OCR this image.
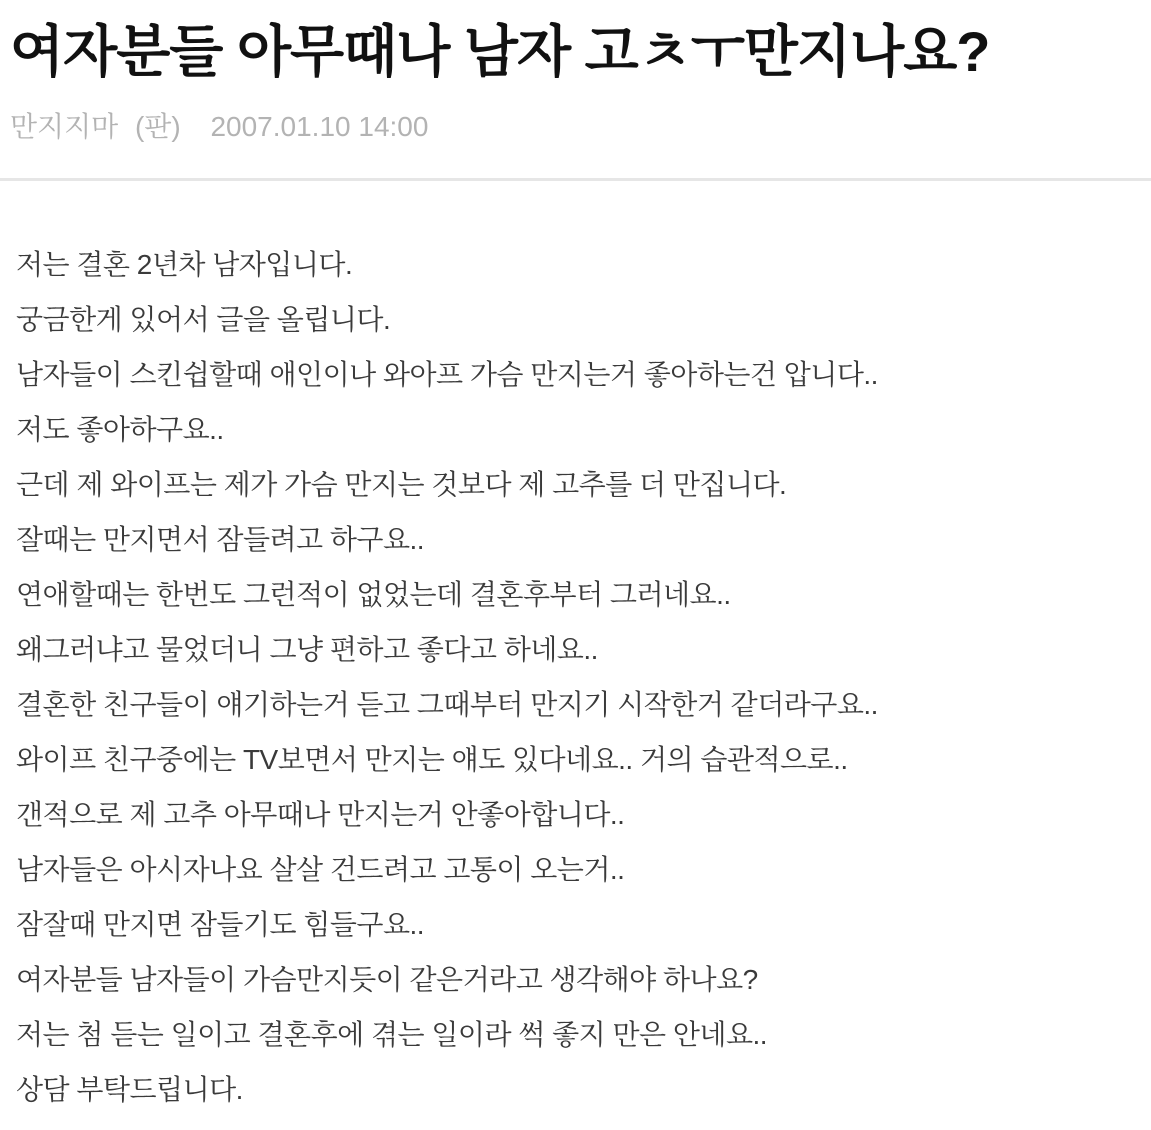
여자분들 아무때나 남자 고ㅊㅜ만지나요?
만지지마 (판) 2007.01.10 14:00

저는 결혼 2년차 남자입니다.

궁금한게 있어서 글을 올립니다.

남자들이 스킨쉽할때 애인이나 와아프 가슴 만지는거 좋아하는건 압니다..

저도 좋아하구요..

근데 제 와이프는 제가 가슴 만지는 것보다 제 고추를 더 만집니다.

잘때는 만지면서 잠들려고 하구요..

연애할때는 한번도 그런적이 없었는데 결혼후부터 그러네요..

왜그러냐고 물었더니 그냥 편하고 좋다고 하네요..

결혼한 친구들이 얘기하는거 듣고 그때부터 만지기 시작한거 같더라구요..

와이프 친구중에는 TV보면서 만지는 얘도 있다네요.. 거의 습관적으로..

갠적으로 제 고추 아무때나 만지는거 안좋아합니다..

남자들은 아시자나요 살살 건드려고 고통이 오는거..

잠잘때 만지면 잠들기도 힘들구요..

여자분들 남자들이 가슴만지듯이 같은거라고 생각해야 하나요?

저는 첨 듣는 일이고 결혼후에 겪는 일이라 썩 좋지 만은 안네요..

상담 부탁드립니다.
